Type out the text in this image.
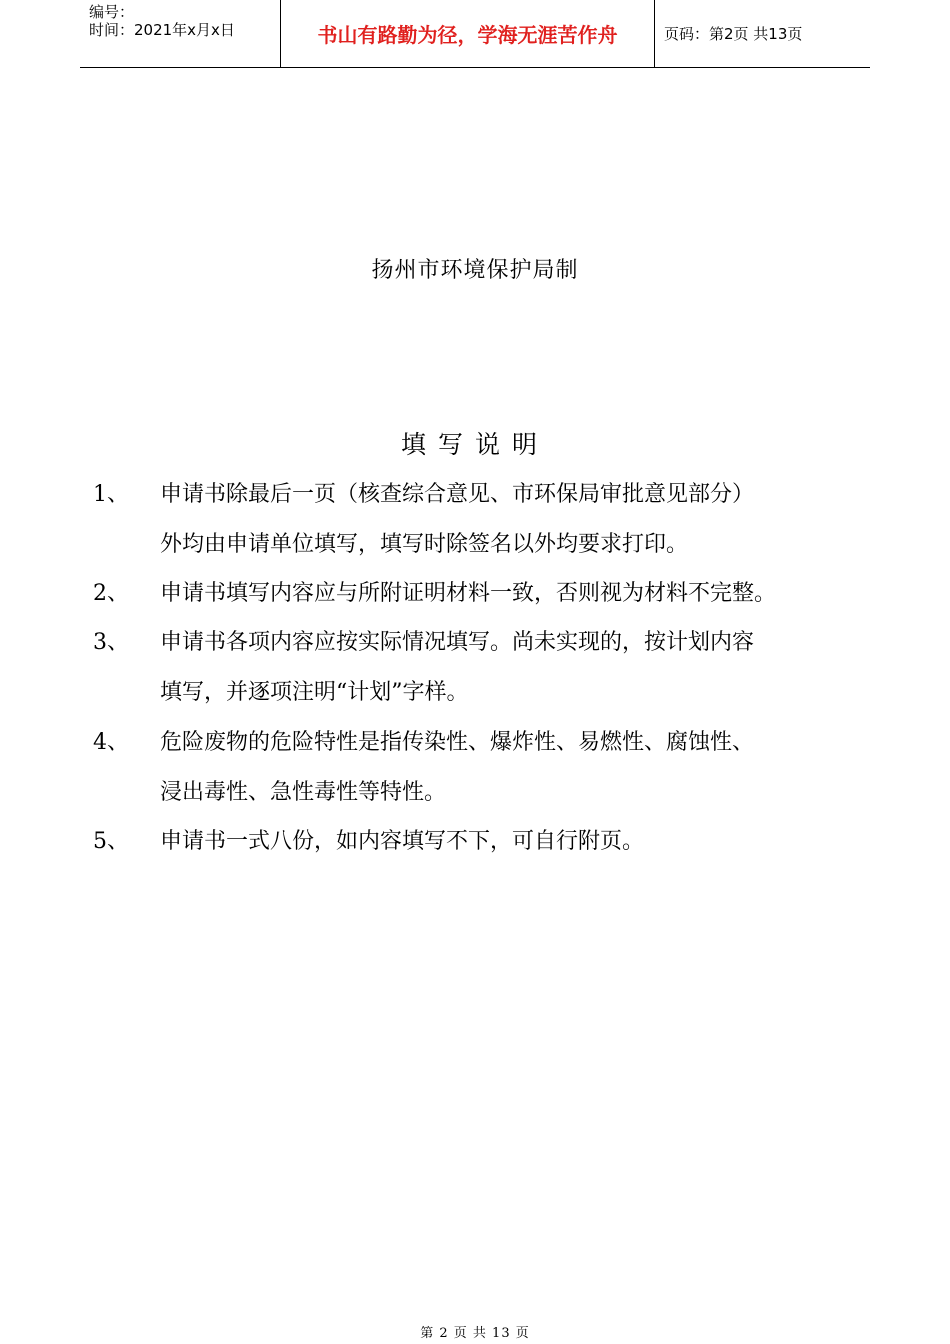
编号：
时间：2021年x月x日	书山有路勤为径，学海无涯苦作舟	页码：第2页 共13页
扬州市环境保护局制
填写说明
1、 申请书除最后一页（核查综合意见、市环保局审批意见部分）
外均由申请单位填写，填写时除签名以外均要求打印。
2、 申请书填写内容应与所附证明材料一致，否则视为材料不完整。
3、 申请书各项内容应按实际情况填写。尚未实现的，按计划内容
填写，并逐项注明“计划”字样。
4、 危险废物的危险特性是指传染性、爆炸性、易燃性、腐蚀性、
浸出毒性、急性毒性等特性。
5、 申请书一式八份，如内容填写不下，可自行附页。
第 2 页 共 13 页
